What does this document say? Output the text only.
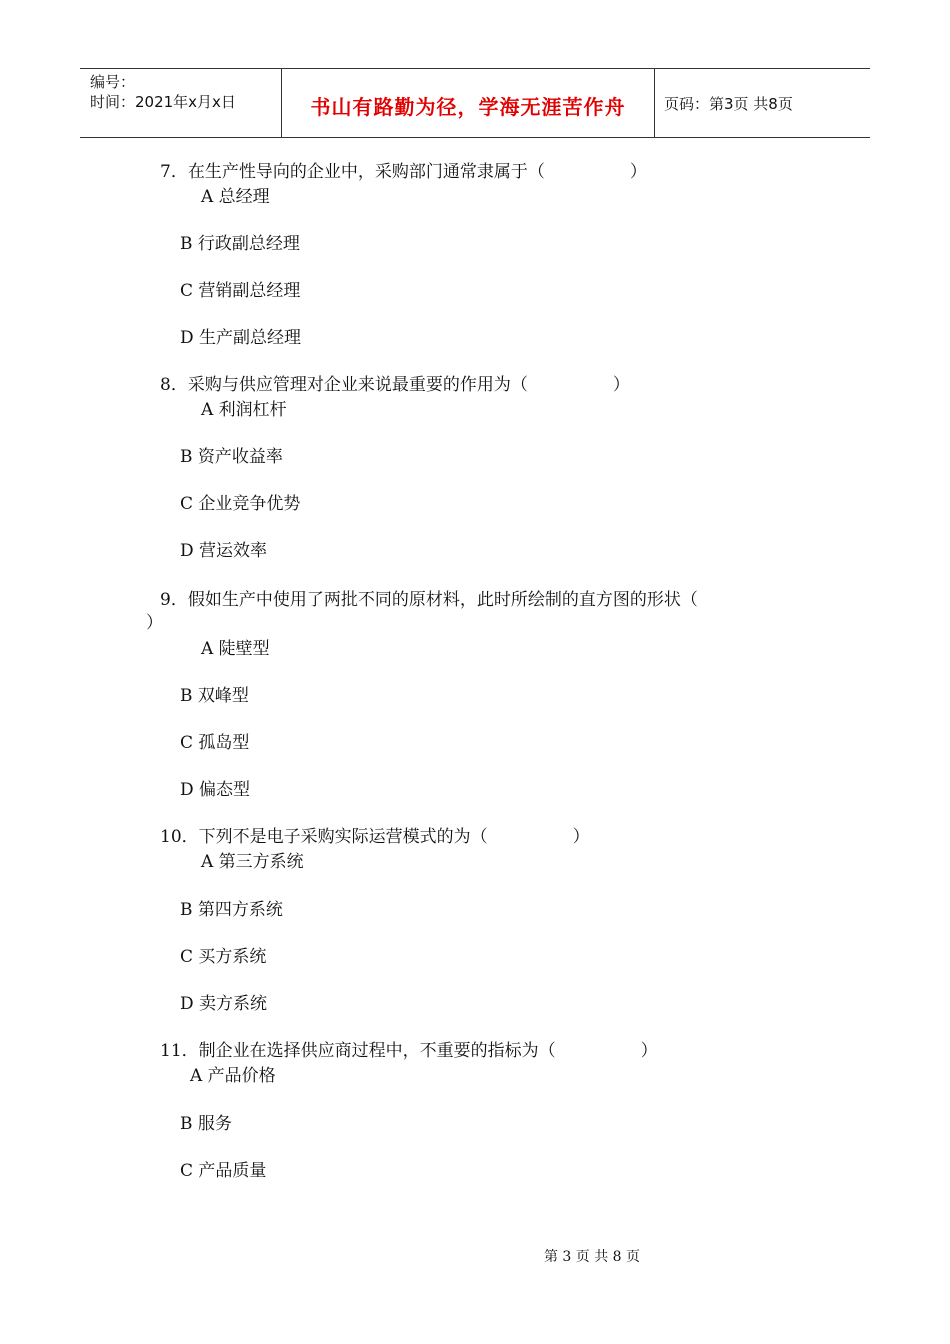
编号：
时间：2021年x月x日	书山有路勤为径，学海无涯苦作舟	页码：第3页 共8页
7．在生产性导向的企业中，采购部门通常隶属于（　　　　　）
A 总经理
B 行政副总经理
C 营销副总经理
D 生产副总经理
8．采购与供应管理对企业来说最重要的作用为（　　　　　）
A 利润杠杆
B 资产收益率
C 企业竞争优势
D 营运效率
9．假如生产中使用了两批不同的原材料，此时所绘制的直方图的形状（
）
A 陡壁型
B 双峰型
C 孤岛型
D 偏态型
10．下列不是电子采购实际运营模式的为（　　　　　）
A 第三方系统
B 第四方系统
C 买方系统
D 卖方系统
11．制企业在选择供应商过程中，不重要的指标为（　　　　　）
A 产品价格
B 服务
C 产品质量
第 3 页 共 8 页
